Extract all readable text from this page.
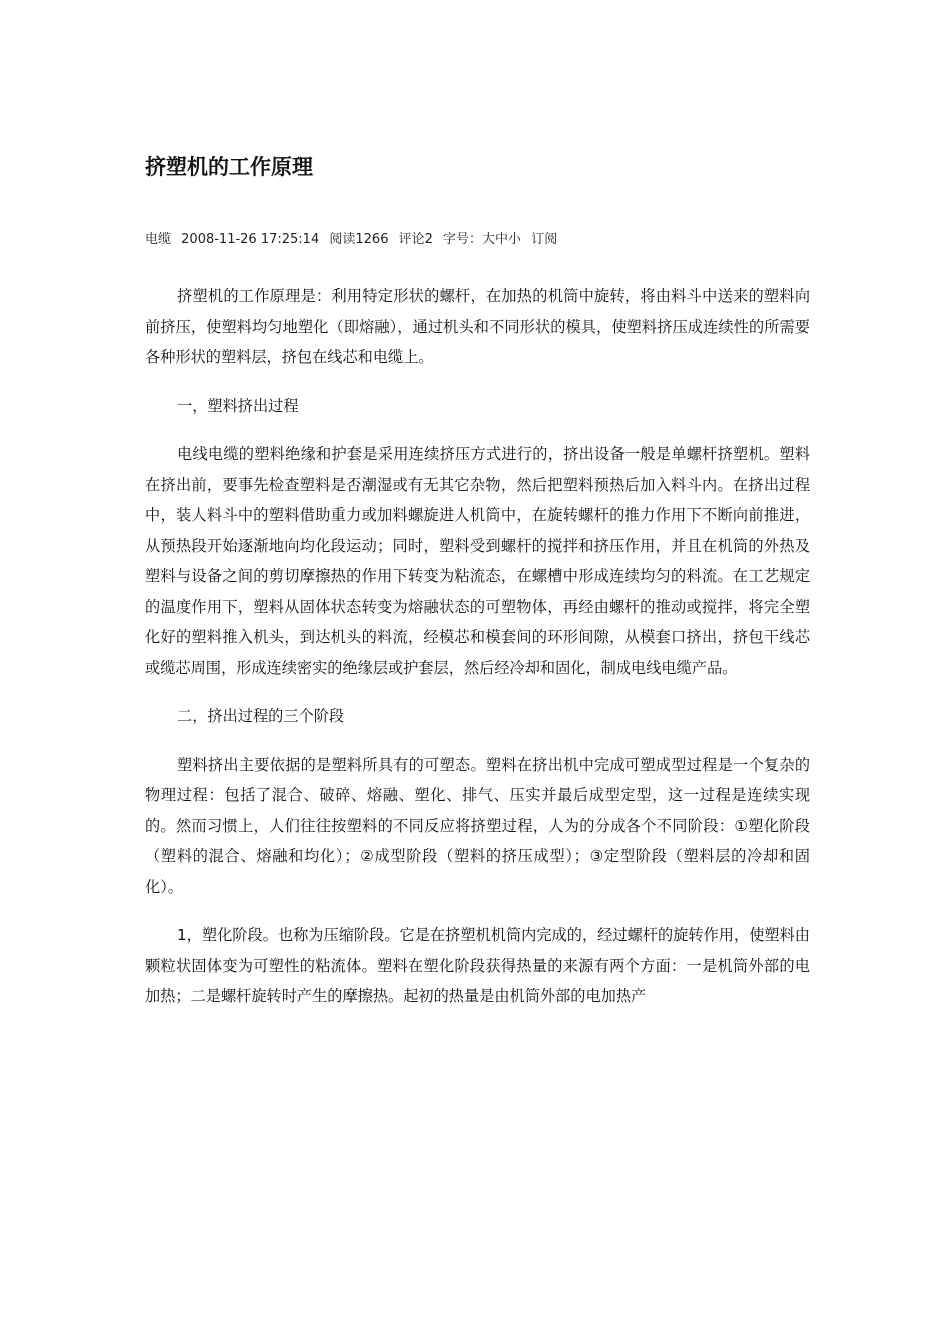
挤塑机的工作原理
电缆 2008-11-26 17:25:14 阅读1266 评论2 字号：大中小 订阅

挤塑机的工作原理是：利用特定形状的螺杆，在加热的机筒中旋转，将由料斗中送来的塑料向前挤压，使塑料均匀地塑化（即熔融），通过机头和不同形状的模具，使塑料挤压成连续性的所需要各种形状的塑料层，挤包在线芯和电缆上。

一，塑料挤出过程

电线电缆的塑料绝缘和护套是采用连续挤压方式进行的，挤出设备一般是单螺杆挤塑机。塑料在挤出前，要事先检查塑料是否潮湿或有无其它杂物，然后把塑料预热后加入料斗内。在挤出过程中，装人料斗中的塑料借助重力或加料螺旋进人机筒中，在旋转螺杆的推力作用下不断向前推进，从预热段开始逐渐地向均化段运动；同时，塑料受到螺杆的搅拌和挤压作用，并且在机筒的外热及塑料与设备之间的剪切摩擦热的作用下转变为粘流态，在螺槽中形成连续均匀的料流。在工艺规定的温度作用下，塑料从固体状态转变为熔融状态的可塑物体，再经由螺杆的推动或搅拌，将完全塑化好的塑料推入机头，到达机头的料流，经模芯和模套间的环形间隙，从模套口挤出，挤包干线芯或缆芯周围，形成连续密实的绝缘层或护套层，然后经冷却和固化，制成电线电缆产品。

二，挤出过程的三个阶段

塑料挤出主要依据的是塑料所具有的可塑态。塑料在挤出机中完成可塑成型过程是一个复杂的物理过程：包括了混合、破碎、熔融、塑化、排气、压实并最后成型定型，这一过程是连续实现的。然而习惯上，人们往往按塑料的不同反应将挤塑过程，人为的分成各个不同阶段：①塑化阶段（塑料的混合、熔融和均化）；②成型阶段（塑料的挤压成型）；③定型阶段（塑料层的冷却和固化）。

1，塑化阶段。也称为压缩阶段。它是在挤塑机机筒内完成的，经过螺杆的旋转作用，使塑料由颗粒状固体变为可塑性的粘流体。塑料在塑化阶段获得热量的来源有两个方面：一是机筒外部的电加热；二是螺杆旋转时产生的摩擦热。起初的热量是由机筒外部的电加热产
